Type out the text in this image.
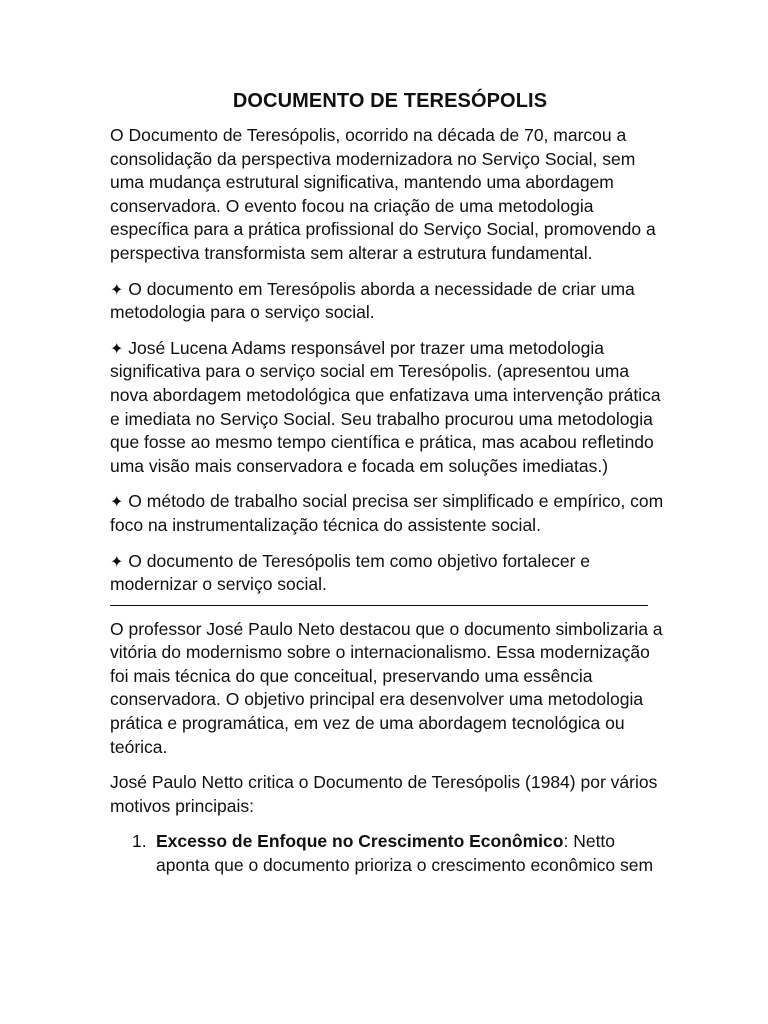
DOCUMENTO DE TERESÓPOLIS

O Documento de Teresópolis, ocorrido na década de 70, marcou a consolidação da perspectiva modernizadora no Serviço Social, sem uma mudança estrutural significativa, mantendo uma abordagem conservadora. O evento focou na criação de uma metodologia específica para a prática profissional do Serviço Social, promovendo a perspectiva transformista sem alterar a estrutura fundamental.

✦ O documento em Teresópolis aborda a necessidade de criar uma metodologia para o serviço social.

✦ José Lucena Adams responsável por trazer uma metodologia significativa para o serviço social em Teresópolis. (apresentou uma nova abordagem metodológica que enfatizava uma intervenção prática e imediata no Serviço Social. Seu trabalho procurou uma metodologia que fosse ao mesmo tempo científica e prática, mas acabou refletindo uma visão mais conservadora e focada em soluções imediatas.)

✦ O método de trabalho social precisa ser simplificado e empírico, com foco na instrumentalização técnica do assistente social.

✦ O documento de Teresópolis tem como objetivo fortalecer e modernizar o serviço social.

O professor José Paulo Neto destacou que o documento simbolizaria a vitória do modernismo sobre o internacionalismo. Essa modernização foi mais técnica do que conceitual, preservando uma essência conservadora. O objetivo principal era desenvolver uma metodologia prática e programática, em vez de uma abordagem tecnológica ou teórica.

José Paulo Netto critica o Documento de Teresópolis (1984) por vários motivos principais:

1. Excesso de Enfoque no Crescimento Econômico: Netto aponta que o documento prioriza o crescimento econômico sem
